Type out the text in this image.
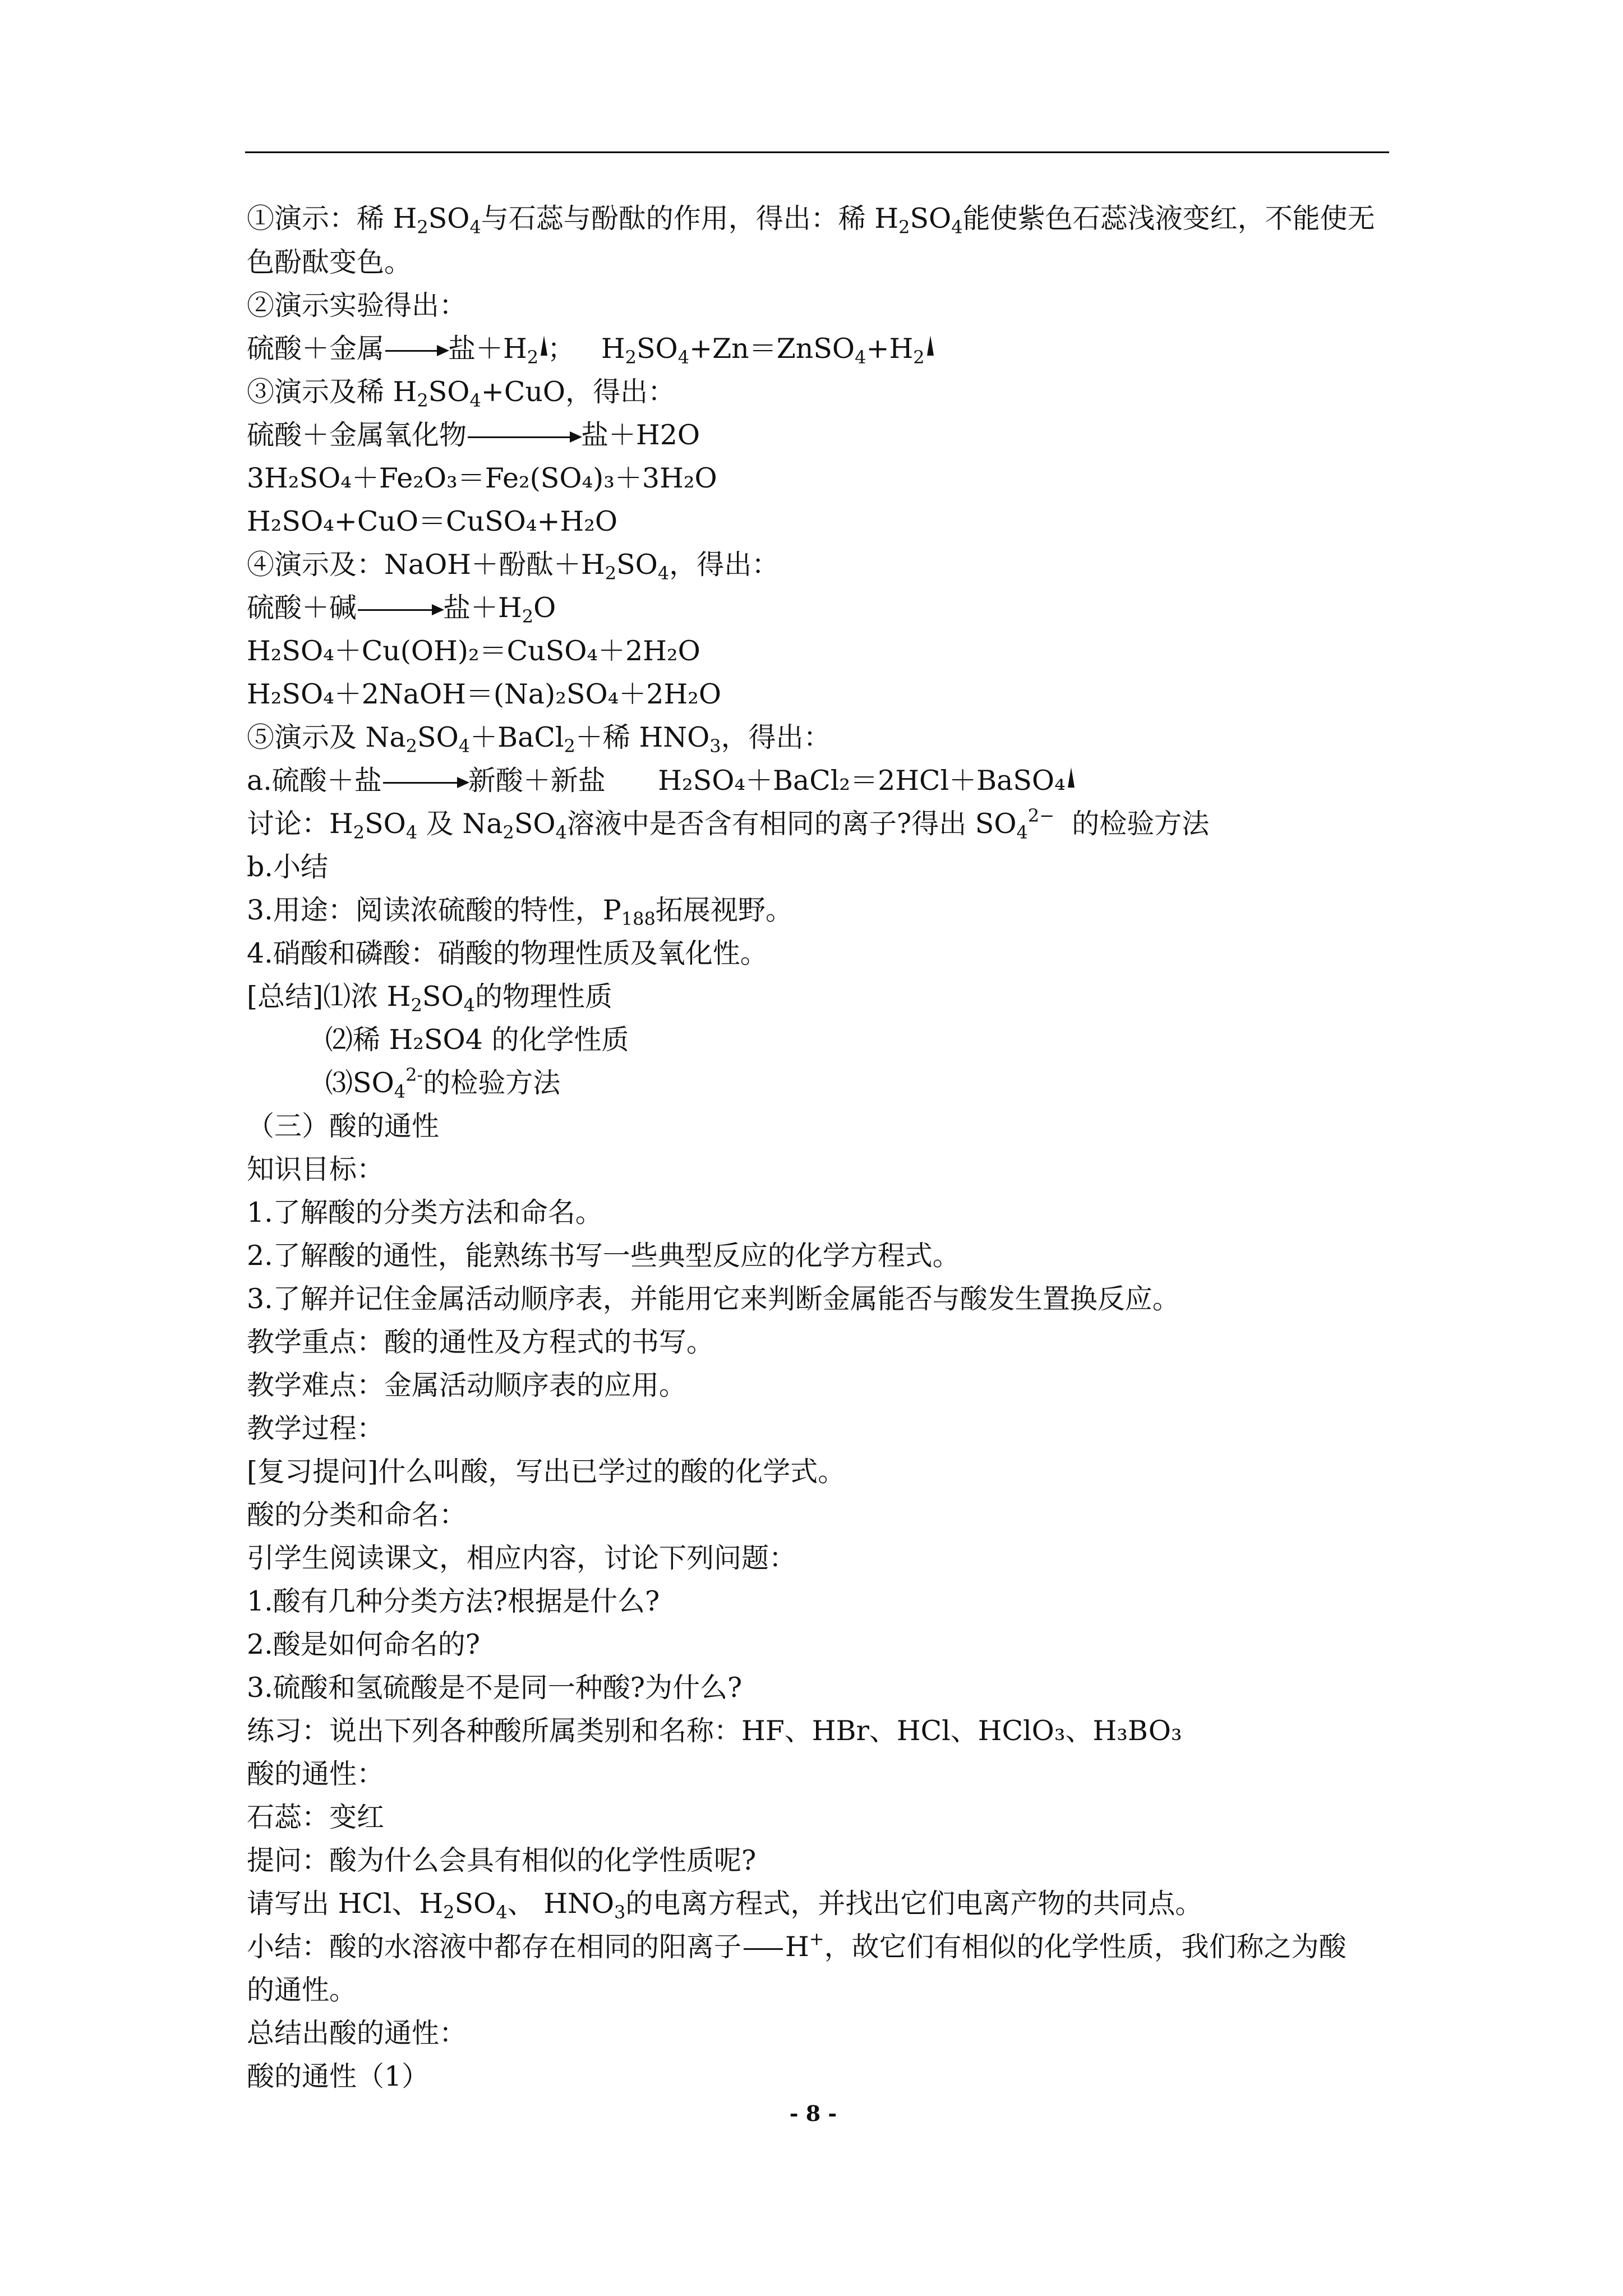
①演示：稀 $H_2SO_4$与石蕊与酚酞的作用，得出：稀 $H_2SO_4$能使紫色石蕊浅液变红，不能使无
色酚酞变色。
②演示实验得出：
硫酸＋金属 → 盐$+H_2$ ；   $H_2SO_4+Zn=ZnSO_4+H_2$
③演示及稀 $H_2SO_4+CuO$，得出：
硫酸＋金属氧化物	盐＋H2O
3H₂SO₄＋Fe₂O₃＝Fe₂(SO₄)₃＋3H₂O
H₂SO₄+CuO＝CuSO₄+H₂O
④演示及：NaOH＋酚酞$+H_2SO_4$，得出：
硫酸＋碱 → 盐$+H_2O$
H₂SO₄＋Cu(OH)₂＝CuSO₄＋2H₂O
H₂SO₄＋2NaOH＝(Na)₂SO₄＋2H₂O
⑤演示及 $Na_2SO_4+BaCl_2+$稀 $HNO_3$，得出：
a.硫酸＋盐 → 新酸＋新盐 H₂SO₄＋BaCl₂＝2HCl＋BaSO₄
讨论：$H_2SO_4$ 及 $Na_2SO_4$溶液中是否含有相同的离子?得出 $SO_4^{2-}$ 的检验方法
b.小结
3.用途：阅读浓硫酸的特性，$P_{188}$拓展视野。
4.硝酸和磷酸：硝酸的物理性质及氧化性。
[总结]⑴浓 $H_2SO_4$的物理性质
⑵稀 H₂SO4 的化学性质
$⑶SO_4^{2-}$的检验方法
（三）酸的通性
知识目标：
1.了解酸的分类方法和命名。
2.了解酸的通性，能熟练书写一些典型反应的化学方程式。
3.了解并记住金属活动顺序表，并能用它来判断金属能否与酸发生置换反应。
教学重点：酸的通性及方程式的书写。
教学难点：金属活动顺序表的应用。
教学过程：
[复习提问]什么叫酸，写出已学过的酸的化学式。
酸的分类和命名：
引学生阅读课文，相应内容，讨论下列问题：
1.酸有几种分类方法?根据是什么?
2.酸是如何命名的?
3.硫酸和氢硫酸是不是同一种酸?为什么?
练习：说出下列各种酸所属类别和名称：HF、HBr、HCl、HClO₃、H₃BO₃
酸的通性：
石蕊：变红
提问：酸为什么会具有相似的化学性质呢?
请写出 HCl、$H_2SO_4$、 $HNO_3$的电离方程式，并找出它们电离产物的共同点。
小结：酸的水溶液中都存在相同的阳离子 H+，故它们有相似的化学性质，我们称之为酸
的通性。
总结出酸的通性：
酸的通性（1）
- 8 -
